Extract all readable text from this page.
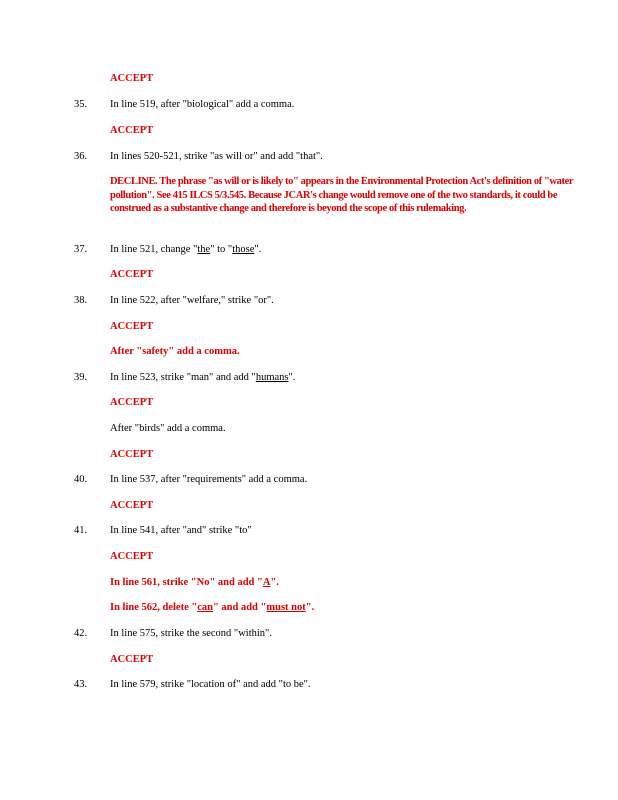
ACCEPT
35. In line 519, after "biological" add a comma.
ACCEPT
36. In lines 520-521, strike "as will or" and add "that".
DECLINE. The phrase "as will or is likely to" appears in the Environmental Protection Act's definition of "water pollution". See 415 ILCS 5/3.545. Because JCAR's change would remove one of the two standards, it could be construed as a substantive change and therefore is beyond the scope of this rulemaking.
37. In line 521, change "the" to "those".
ACCEPT
38. In line 522, after "welfare," strike "or".
ACCEPT
After "safety" add a comma.
39. In line 523, strike "man" and add "humans".
ACCEPT
After "birds" add a comma.
ACCEPT
40. In line 537, after "requirements" add a comma.
ACCEPT
41. In line 541, after "and" strike "to"
ACCEPT
In line 561, strike "No" and add "A".
In line 562, delete "can" and add "must not".
42. In line 575, strike the second "within".
ACCEPT
43. In line 579, strike "location of" and add "to be".
